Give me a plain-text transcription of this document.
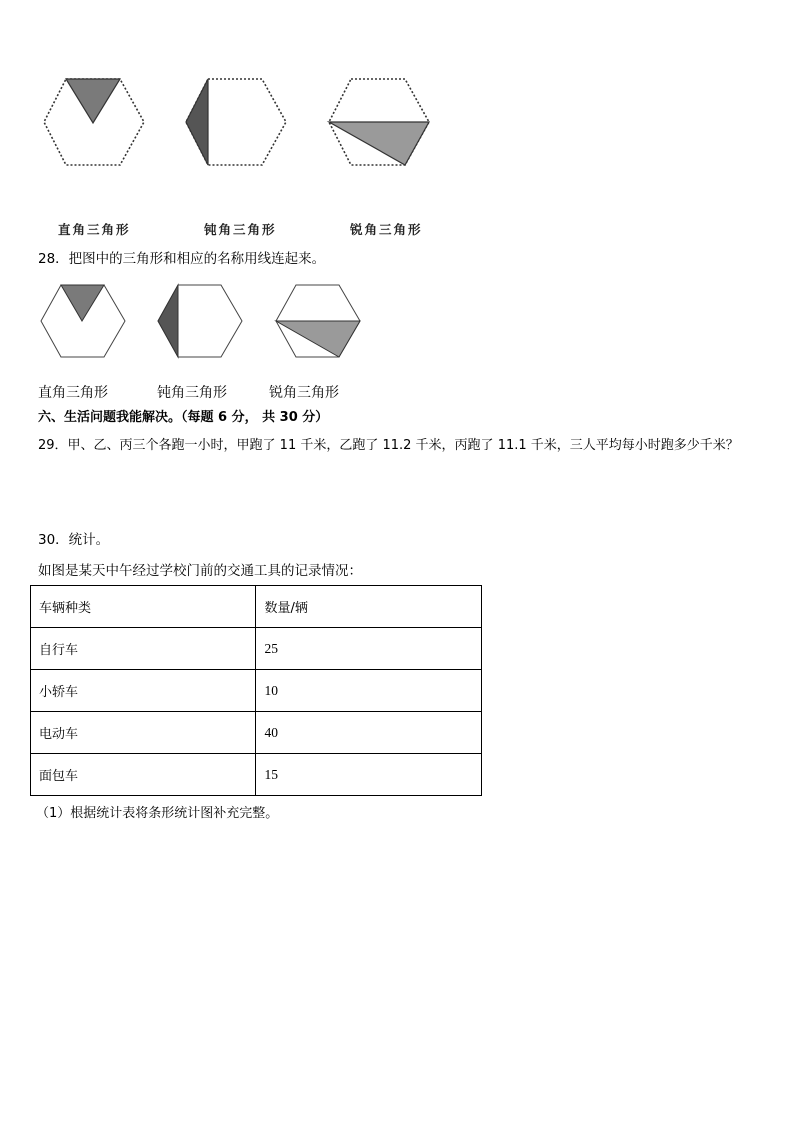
直角三角形	钝角三角形	锐角三角形
28．把图中的三角形和相应的名称用线连起来。
直角三角形	钝角三角形	锐角三角形
六、生活问题我能解决。（每题 6 分， 共 30 分）
29．甲、乙、丙三个各跑一小时，甲跑了 11 千米，乙跑了 11.2 千米，丙跑了 11.1 千米，三人平均每小时跑多少千米？
30．统计。
如图是某天中午经过学校门前的交通工具的记录情况：
车辆种类	数量/辆
自行车	25
小轿车	10
电动车	40
面包车	15
（1）根据统计表将条形统计图补充完整。
